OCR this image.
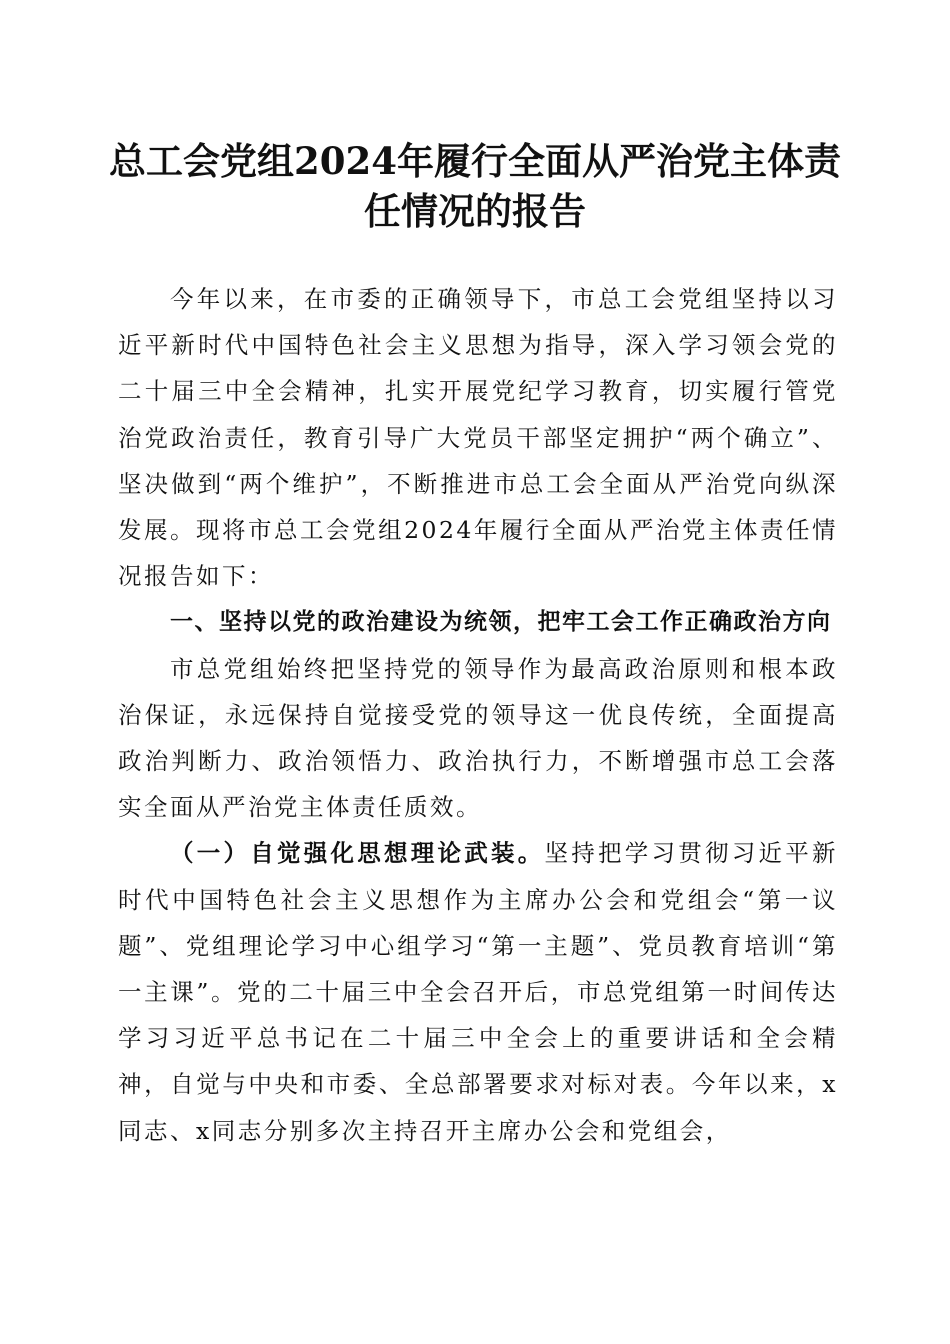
总工会党组2024年履行全面从严治党主体责任情况的报告

今年以来，在市委的正确领导下，市总工会党组坚持以习近平新时代中国特色社会主义思想为指导，深入学习领会党的二十届三中全会精神，扎实开展党纪学习教育，切实履行管党治党政治责任，教育引导广大党员干部坚定拥护“两个确立”、坚决做到“两个维护”，不断推进市总工会全面从严治党向纵深发展。现将市总工会党组2024年履行全面从严治党主体责任情况报告如下：

一、坚持以党的政治建设为统领，把牢工会工作正确政治方向

市总党组始终把坚持党的领导作为最高政治原则和根本政治保证，永远保持自觉接受党的领导这一优良传统，全面提高政治判断力、政治领悟力、政治执行力，不断增强市总工会落实全面从严治党主体责任质效。

（一）自觉强化思想理论武装。坚持把学习贯彻习近平新时代中国特色社会主义思想作为主席办公会和党组会“第一议题”、党组理论学习中心组学习“第一主题”、党员教育培训“第一主课”。党的二十届三中全会召开后，市总党组第一时间传达学习习近平总书记在二十届三中全会上的重要讲话和全会精神，自觉与中央和市委、全总部署要求对标对表。今年以来，x同志、x同志分别多次主持召开主席办公会和党组会，
